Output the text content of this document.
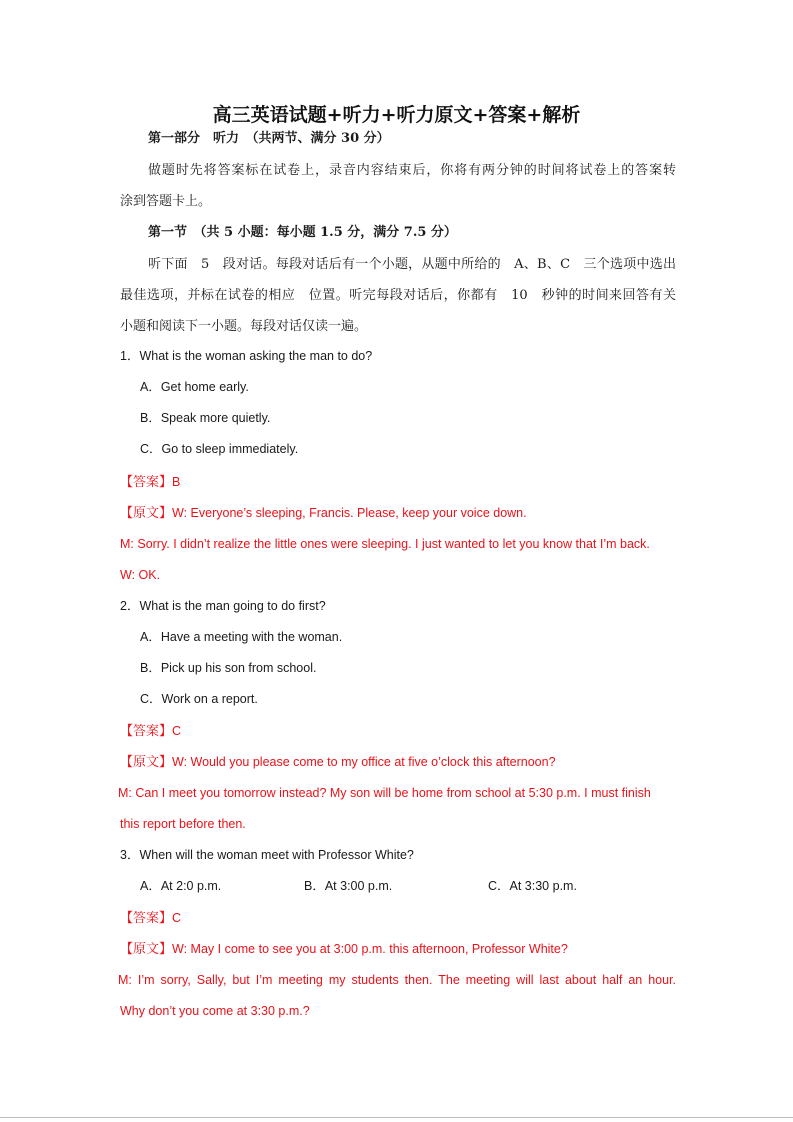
高三英语试题+听力+听力原文+答案+解析
第一部分　听力　（共两节、满分 30 分）
做题时先将答案标在试卷上，录音内容结束后，你将有两分钟的时间将试卷上的答案转
涂到答题卡上。
第一节　（共 5 小题：每小题 1.5 分，满分 7.5 分）
听下面　5　段对话。每段对话后有一个小题，从题中所给的　A、B、C　三个选项中选出
最佳选项，并标在试卷的相应　位置。听完每段对话后，你都有　10　秒钟的时间来回答有关
小题和阅读下一小题。每段对话仅读一遍。
1．What is the woman asking the man to do?
A．Get home early.
B．Speak more quietly.
C．Go to sleep immediately.
【答案】B
【原文】W: Everyone’s sleeping, Francis. Please, keep your voice down.
M: Sorry. I didn’t realize the little ones were sleeping. I just wanted to let you know that I’m back.
W: OK.
2．What is the man going to do first?
A．Have a meeting with the woman.
B．Pick up his son from school.
C．Work on a report.
【答案】C
【原文】W: Would you please come to my office at five o’clock this afternoon?
M: Can I meet you tomorrow instead? My son will be home from school at 5:30 p.m. I must finish
this report before then.
3．When will the woman meet with Professor White?
A．At 2:0 p.m.	B．At 3:00 p.m.	C．At 3:30 p.m.
【答案】C
【原文】W: May I come to see you at 3:00 p.m. this afternoon, Professor White?
M: I’m sorry, Sally, but I’m meeting my students then. The meeting will last about half an hour.
Why don’t you come at 3:30 p.m.?
